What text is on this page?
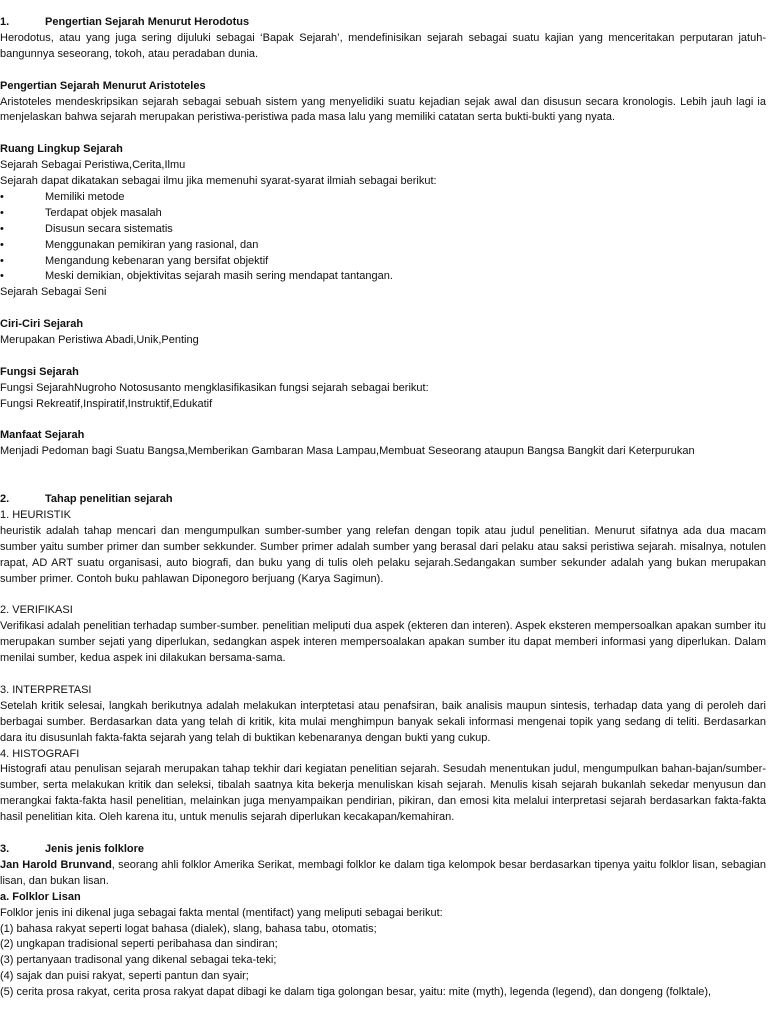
1.	Pengertian Sejarah Menurut Herodotus
Herodotus, atau yang juga sering dijuluki sebagai ‘Bapak Sejarah’, mendefinisikan sejarah sebagai suatu kajian yang menceritakan perputaran jatuh-bangunnya seseorang, tokoh, atau peradaban dunia.
Pengertian Sejarah Menurut Aristoteles
Aristoteles mendeskripsikan sejarah sebagai sebuah sistem yang menyelidiki suatu kejadian sejak awal dan disusun secara kronologis. Lebih jauh lagi ia menjelaskan bahwa sejarah merupakan peristiwa-peristiwa pada masa lalu yang memiliki catatan serta bukti-bukti yang nyata.
Ruang Lingkup Sejarah
Sejarah Sebagai Peristiwa,Cerita,Ilmu
Sejarah dapat dikatakan sebagai ilmu jika memenuhi syarat-syarat ilmiah sebagai berikut:
•	Memiliki metode
•	Terdapat objek masalah
•	Disusun secara sistematis
•	Menggunakan pemikiran yang rasional, dan
•	Mengandung kebenaran yang bersifat objektif
•	Meski demikian, objektivitas sejarah masih sering mendapat tantangan.
Sejarah Sebagai Seni
Ciri-Ciri Sejarah
Merupakan Peristiwa Abadi,Unik,Penting
Fungsi Sejarah
Fungsi SejarahNugroho Notosusanto mengklasifikasikan fungsi sejarah sebagai berikut:
Fungsi Rekreatif,Inspiratif,Instruktif,Edukatif
Manfaat Sejarah
Menjadi Pedoman bagi Suatu Bangsa,Memberikan Gambaran Masa Lampau,Membuat Seseorang ataupun Bangsa Bangkit dari Keterpurukan
2.	Tahap penelitian sejarah
1. HEURISTIK
heuristik adalah tahap mencari dan mengumpulkan sumber-sumber yang relefan dengan topik atau judul penelitian. Menurut sifatnya ada dua macam sumber yaitu sumber primer dan sumber sekkunder. Sumber primer adalah sumber yang berasal dari pelaku atau saksi peristiwa sejarah. misalnya, notulen rapat, AD ART suatu organisasi, auto biografi, dan buku yang di tulis oleh pelaku sejarah.Sedangakan sumber sekunder adalah yang bukan merupakan sumber primer. Contoh buku pahlawan Diponegoro berjuang (Karya Sagimun).
2. VERIFIKASI
Verifikasi adalah penelitian terhadap sumber-sumber. penelitian meliputi dua aspek (ekteren dan interen). Aspek eksteren mempersoalkan apakan sumber itu merupakan sumber sejati yang diperlukan, sedangkan aspek interen mempersoalakan apakan sumber itu dapat memberi informasi yang diperlukan. Dalam menilai sumber, kedua aspek ini dilakukan bersama-sama.
3. INTERPRETASI
Setelah kritik selesai, langkah berikutnya adalah melakukan interptetasi atau penafsiran, baik analisis maupun sintesis, terhadap data yang di peroleh dari berbagai sumber. Berdasarkan data yang telah di kritik, kita mulai menghimpun banyak sekali informasi mengenai topik yang sedang di teliti. Berdasarkan dara itu disusunlah fakta-fakta sejarah yang telah di buktikan kebenaranya dengan bukti yang cukup.
4. HISTOGRAFI
Histografi atau penulisan sejarah merupakan tahap tekhir dari kegiatan penelitian sejarah. Sesudah menentukan judul, mengumpulkan bahan-bajan/sumber-sumber, serta melakukan kritik dan seleksi, tibalah saatnya kita bekerja menuliskan kisah sejarah. Menulis kisah sejarah bukanlah sekedar menyusun dan merangkai fakta-fakta hasil penelitian, melainkan juga menyampaikan pendirian, pikiran, dan emosi kita melalui interpretasi sejarah berdasarkan fakta-fakta hasil penelitian kita. Oleh karena itu, untuk menulis sejarah diperlukan kecakapan/kemahiran.
3.	Jenis jenis folklore
Jan Harold Brunvand, seorang ahli folklor Amerika Serikat, membagi folklor ke dalam tiga kelompok besar berdasarkan tipenya yaitu folklor lisan, sebagian lisan, dan bukan lisan.
a. Folklor Lisan
Folklor jenis ini dikenal juga sebagai fakta mental (mentifact) yang meliputi sebagai berikut:
(1) bahasa rakyat seperti logat bahasa (dialek), slang, bahasa tabu, otomatis;
(2) ungkapan tradisional seperti peribahasa dan sindiran;
(3) pertanyaan tradisonal yang dikenal sebagai teka-teki;
(4) sajak dan puisi rakyat, seperti pantun dan syair;
(5) cerita prosa rakyat, cerita prosa rakyat dapat dibagi ke dalam tiga golongan besar, yaitu: mite (myth), legenda (legend), dan dongeng (folktale),
